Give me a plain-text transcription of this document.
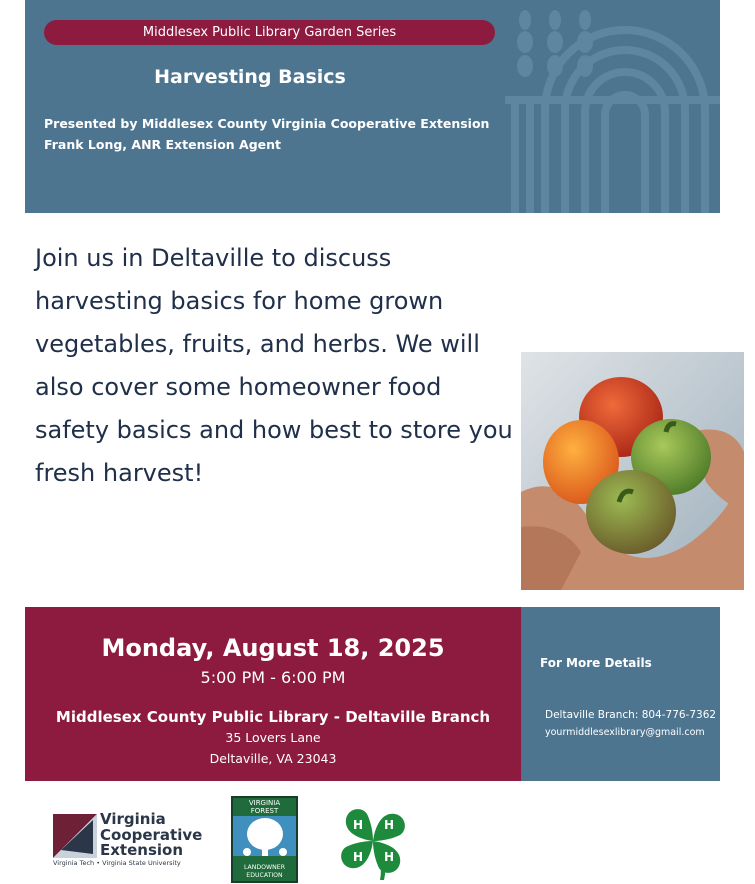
Middlesex Public Library Garden Series
Harvesting Basics
Presented by Middlesex County Virginia Cooperative Extension
Frank Long, ANR Extension Agent
Join us in Deltaville to discuss
harvesting basics for home grown
vegetables, fruits, and herbs. We will
also cover some homeowner food
safety basics and how best to store you
fresh harvest!
Monday, August 18, 2025
5:00 PM - 6:00 PM
Middlesex County Public Library - Deltaville Branch
35 Lovers Lane
Deltaville, VA 23043
For More Details
Deltaville Branch: 804-776-7362
yourmiddlesexlibrary@gmail.com
Virginia
Cooperative
Extension
Virginia Tech • Virginia State University
VIRGINIA
FOREST
LANDOWNER
EDUCATION
H H
H
H
